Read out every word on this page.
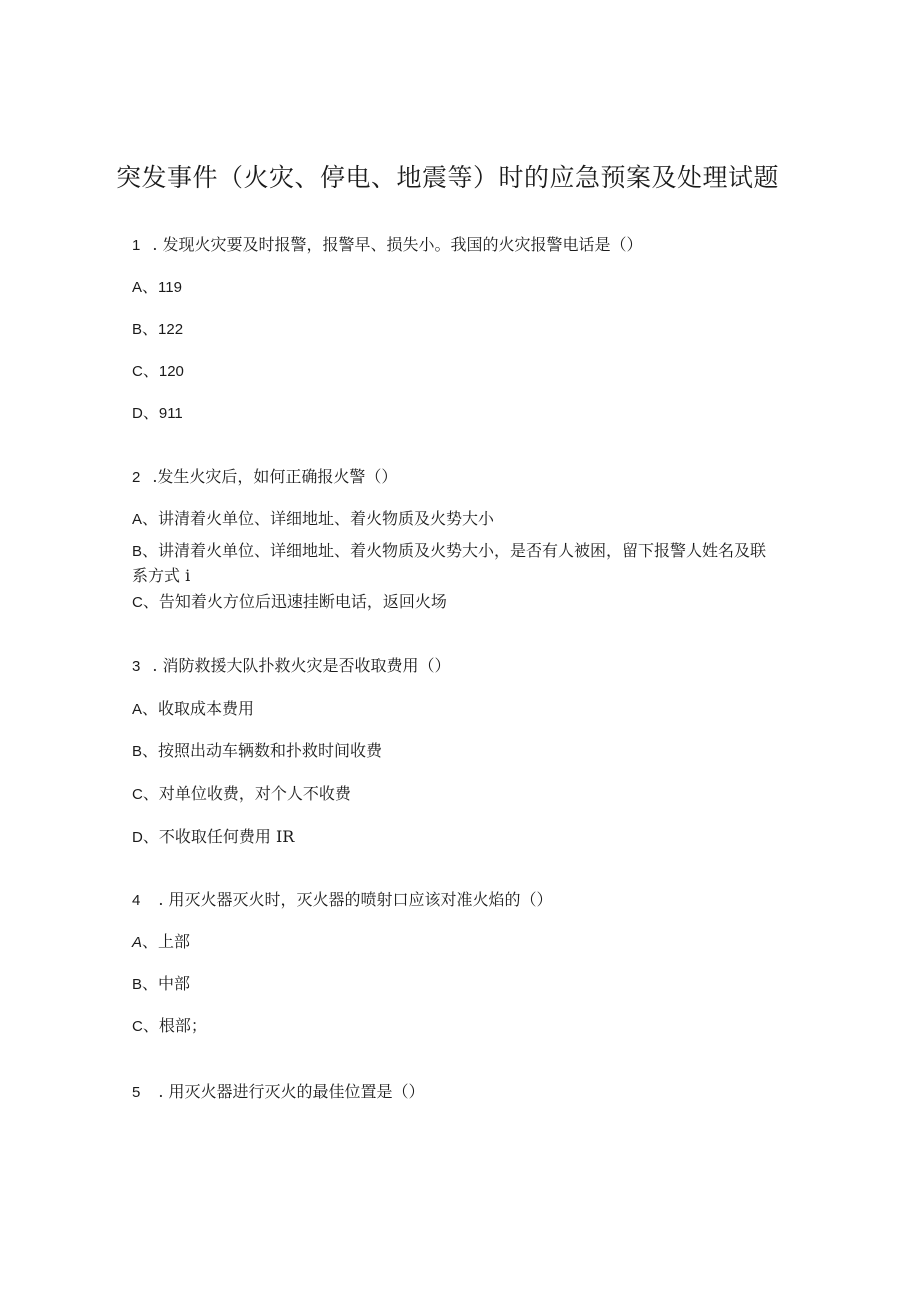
突发事件（火灾、停电、地震等）时的应急预案及处理试题
1 . 发现火灾要及时报警，报警早、损失小。我国的火灾报警电话是（）
A、119
B、122
C、120
D、911
2 .发生火灾后，如何正确报火警（）
A、讲清着火单位、详细地址、着火物质及火势大小
B、讲清着火单位、详细地址、着火物质及火势大小，是否有人被困，留下报警人姓名及联系方式 i
C、告知着火方位后迅速挂断电话，返回火场
3 . 消防救援大队扑救火灾是否收取费用（）
A、收取成本费用
B、按照出动车辆数和扑救时间收费
C、对单位收费，对个人不收费
D、不收取任何费用 IR
4 . 用灭火器灭火时，灭火器的喷射口应该对准火焰的（）
A、上部
B、中部
C、根部；
5 . 用灭火器进行灭火的最佳位置是（）
